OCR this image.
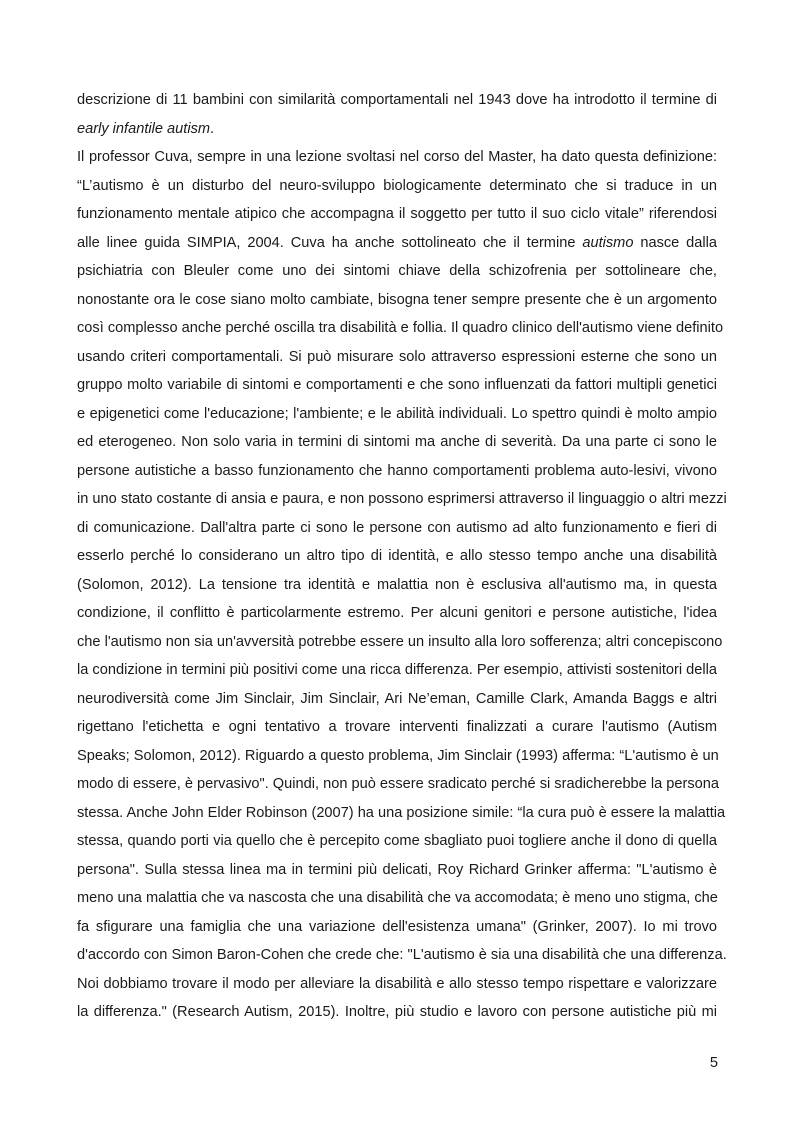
descrizione di 11 bambini con similarità comportamentali nel 1943 dove ha introdotto il termine di
early infantile autism.
Il professor Cuva, sempre in una lezione svoltasi nel corso del Master, ha dato questa definizione:
“L’autismo è un disturbo del neuro-sviluppo biologicamente determinato che si traduce in un
funzionamento mentale atipico che accompagna il soggetto per tutto il suo ciclo vitale” riferendosi
alle linee guida SIMPIA, 2004. Cuva ha anche sottolineato che il termine autismo nasce dalla
psichiatria con Bleuler come uno dei sintomi chiave della schizofrenia per sottolineare che,
nonostante ora le cose siano molto cambiate, bisogna tener sempre presente che è un argomento
così complesso anche perché oscilla tra disabilità e follia. Il quadro clinico dell'autismo viene definito
usando criteri comportamentali. Si può misurare solo attraverso espressioni esterne che sono un
gruppo molto variabile di sintomi e comportamenti e che sono influenzati da fattori multipli genetici
e epigenetici come l'educazione; l'ambiente; e le abilità individuali. Lo spettro quindi è molto ampio
ed eterogeneo. Non solo varia in termini di sintomi ma anche di severità. Da una parte ci sono le
persone autistiche a basso funzionamento che hanno comportamenti problema auto-lesivi, vivono
in uno stato costante di ansia e paura, e non possono esprimersi attraverso il linguaggio o altri mezzi
di comunicazione. Dall'altra parte ci sono le persone con autismo ad alto funzionamento e fieri di
esserlo perché lo considerano un altro tipo di identità, e allo stesso tempo anche una disabilità
(Solomon, 2012). La tensione tra identità e malattia non è esclusiva all'autismo ma, in questa
condizione, il conflitto è particolarmente estremo. Per alcuni genitori e persone autistiche, l'idea
che l'autismo non sia un'avversità potrebbe essere un insulto alla loro sofferenza; altri concepiscono
la condizione in termini più positivi come una ricca differenza. Per esempio, attivisti sostenitori della
neurodiversità come Jim Sinclair, Jim Sinclair, Ari Ne’eman, Camille Clark, Amanda Baggs e altri
rigettano l'etichetta e ogni tentativo a trovare interventi finalizzati a curare l'autismo (Autism
Speaks; Solomon, 2012). Riguardo a questo problema, Jim Sinclair (1993) afferma: “L'autismo è un
modo di essere, è pervasivo". Quindi, non può essere sradicato perché si sradicherebbe la persona
stessa. Anche John Elder Robinson (2007) ha una posizione simile: “la cura può è essere la malattia
stessa, quando porti via quello che è percepito come sbagliato puoi togliere anche il dono di quella
persona". Sulla stessa linea ma in termini più delicati, Roy Richard Grinker afferma: "L'autismo è
meno una malattia che va nascosta che una disabilità che va accomodata; è meno uno stigma, che
fa sfigurare una famiglia che una variazione dell'esistenza umana" (Grinker, 2007). Io mi trovo
d'accordo con Simon Baron-Cohen che crede che: "L'autismo è sia una disabilità che una differenza.
Noi dobbiamo trovare il modo per alleviare la disabilità e allo stesso tempo rispettare e valorizzare
la differenza." (Research Autism, 2015). Inoltre, più studio e lavoro con persone autistiche più mi
5
